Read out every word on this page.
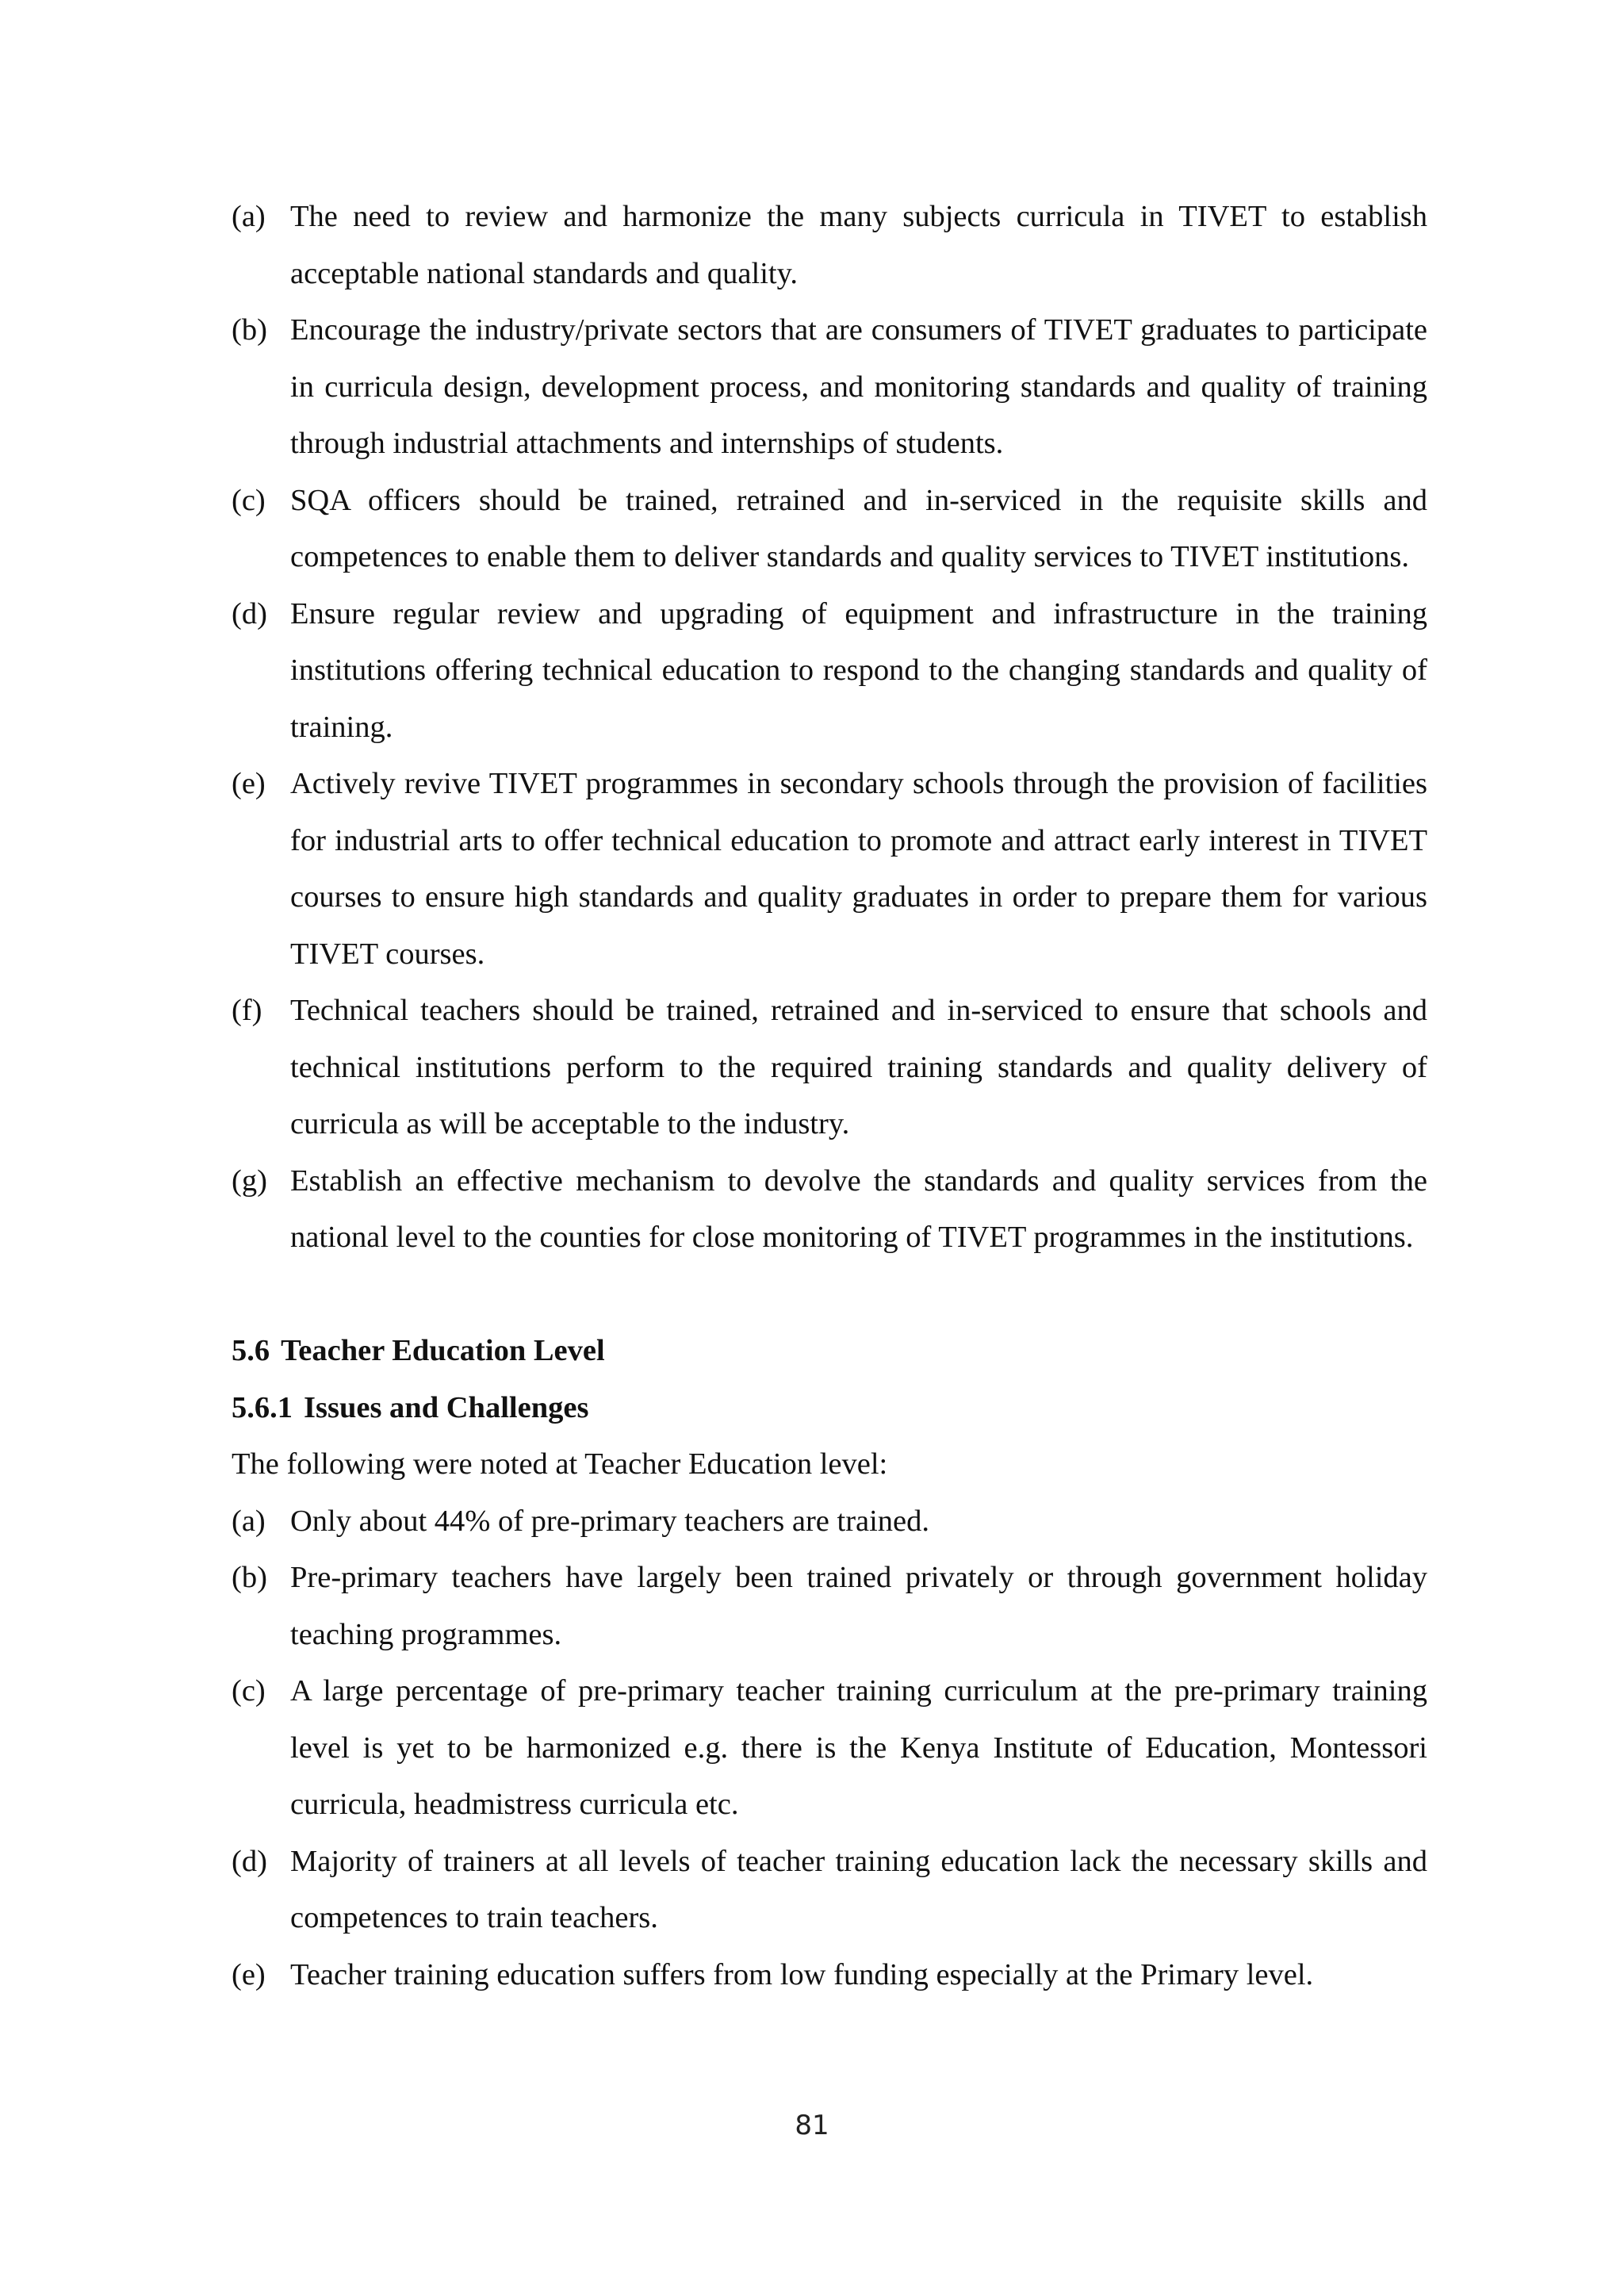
(a) The need to review and harmonize the many subjects curricula in TIVET to establish acceptable national standards and quality.
(b) Encourage the industry/private sectors that are consumers of TIVET graduates to participate in curricula design, development process, and monitoring standards and quality of training through industrial attachments and internships of students.
(c) SQA officers should be trained, retrained and in-serviced in the requisite skills and competences to enable them to deliver standards and quality services to TIVET institutions.
(d) Ensure regular review and upgrading of equipment and infrastructure in the training institutions offering technical education to respond to the changing standards and quality of training.
(e) Actively revive TIVET programmes in secondary schools through the provision of facilities for industrial arts to offer technical education to promote and attract early interest in TIVET courses to ensure high standards and quality graduates in order to prepare them for various TIVET courses.
(f) Technical teachers should be trained, retrained and in-serviced to ensure that schools and technical institutions perform to the required training standards and quality delivery of curricula as will be acceptable to the industry.
(g) Establish an effective mechanism to devolve the standards and quality services from the national level to the counties for close monitoring of TIVET programmes in the institutions.
5.6 Teacher Education Level
5.6.1 Issues and Challenges
The following were noted at Teacher Education level:
(a) Only about 44% of pre-primary teachers are trained.
(b) Pre-primary teachers have largely been trained privately or through government holiday teaching programmes.
(c) A large percentage of pre-primary teacher training curriculum at the pre-primary training level is yet to be harmonized e.g. there is the Kenya Institute of Education, Montessori curricula, headmistress curricula etc.
(d) Majority of trainers at all levels of teacher training education lack the necessary skills and competences to train teachers.
(e) Teacher training education suffers from low funding especially at the Primary level.
81
